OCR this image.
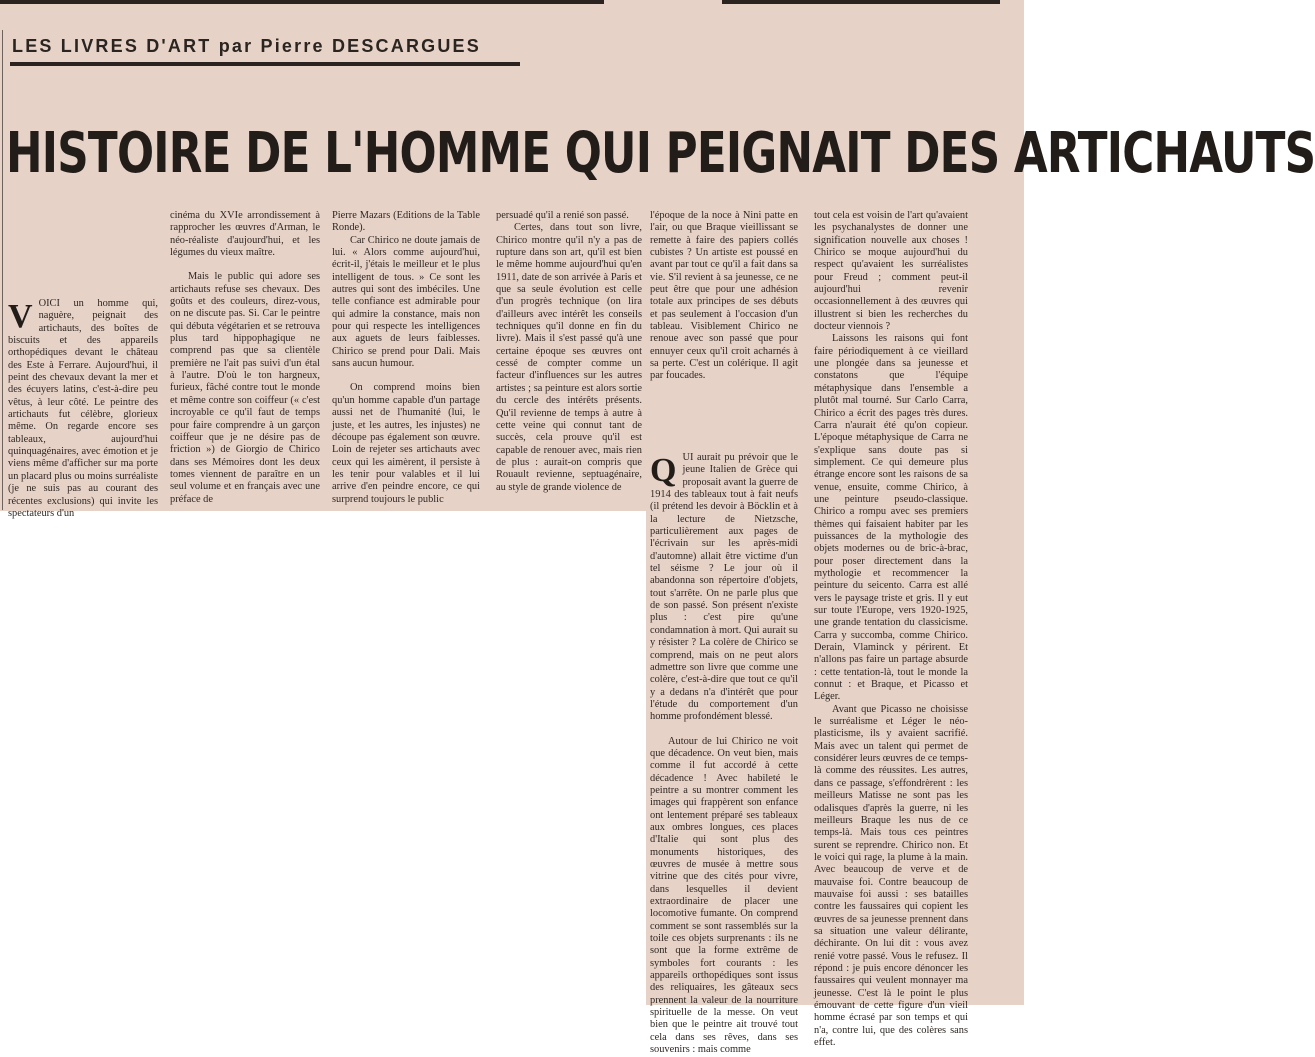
LES LIVRES D'ART par Pierre DESCARGUES
HISTOIRE DE L'HOMME QUI PEIGNAIT DES ARTICHAUTS

VOICI un homme qui, naguère, peignait des artichauts, des boîtes de biscuits et des appareils orthopédiques devant le château des Este à Ferrare. Aujourd'hui, il peint des chevaux devant la mer et des écuyers latins, c'est-à-dire peu vêtus, à leur côté. Le peintre des artichauts fut célèbre, glorieux même. On regarde encore ses tableaux, aujourd'hui quinquagénaires, avec émotion et je viens même d'afficher sur ma porte un placard plus ou moins surréaliste (je ne suis pas au courant des récentes exclusions) qui invite les spectateurs d'un

cinéma du XVIe arrondissement à rapprocher les œuvres d'Arman, le néo-réaliste d'aujourd'hui, et les légumes du vieux maître.

Mais le public qui adore ses artichauts refuse ses chevaux. Des goûts et des couleurs, direz-vous, on ne discute pas. Si. Car le peintre qui débuta végétarien et se retrouva plus tard hippophagique ne comprend pas que sa clientèle première ne l'ait pas suivi d'un étal à l'autre. D'où le ton hargneux, furieux, fâché contre tout le monde et même contre son coiffeur (« c'est incroyable ce qu'il faut de temps pour faire comprendre à un garçon coiffeur que je ne désire pas de friction ») de Giorgio de Chirico dans ses Mémoires dont les deux tomes viennent de paraître en un seul volume et en français avec une préface de

Pierre Mazars (Editions de la Table Ronde).

Car Chirico ne doute jamais de lui. « Alors comme aujourd'hui, écrit-il, j'étais le meilleur et le plus intelligent de tous. » Ce sont les autres qui sont des imbéciles. Une telle confiance est admirable pour qui admire la constance, mais non pour qui respecte les intelligences aux aguets de leurs faiblesses. Chirico se prend pour Dali. Mais sans aucun humour.

On comprend moins bien qu'un homme capable d'un partage aussi net de l'humanité (lui, le juste, et les autres, les injustes) ne découpe pas également son œuvre. Loin de rejeter ses artichauts avec ceux qui les aimèrent, il persiste à les tenir pour valables et il lui arrive d'en peindre encore, ce qui surprend toujours le public

persuadé qu'il a renié son passé.

Certes, dans tout son livre, Chirico montre qu'il n'y a pas de rupture dans son art, qu'il est bien le même homme aujourd'hui qu'en 1911, date de son arrivée à Paris et que sa seule évolution est celle d'un progrès technique (on lira d'ailleurs avec intérêt les conseils techniques qu'il donne en fin du livre). Mais il s'est passé qu'à une certaine époque ses œuvres ont cessé de compter comme un facteur d'influences sur les autres artistes ; sa peinture est alors sortie du cercle des intérêts présents. Qu'il revienne de temps à autre à cette veine qui connut tant de succès, cela prouve qu'il est capable de renouer avec, mais rien de plus : aurait-on compris que Rouault revienne, septuagénaire, au style de grande violence de

l'époque de la noce à Nini patte en l'air, ou que Braque vieillissant se remette à faire des papiers collés cubistes ? Un artiste est poussé en avant par tout ce qu'il a fait dans sa vie. S'il revient à sa jeunesse, ce ne peut être que pour une adhésion totale aux principes de ses débuts et pas seulement à l'occasion d'un tableau. Visiblement Chirico ne renoue avec son passé que pour ennuyer ceux qu'il croit acharnés à sa perte. C'est un colérique. Il agit par foucades.

QUI aurait pu prévoir que le jeune Italien de Grèce qui proposait avant la guerre de 1914 des tableaux tout à fait neufs (il prétend les devoir à Böcklin et à la lecture de Nietzsche, particulièrement aux pages de l'écrivain sur les après-midi d'automne) allait être victime d'un tel séisme ? Le jour où il abandonna son répertoire d'objets, tout s'arrête. On ne parle plus que de son passé. Son présent n'existe plus : c'est pire qu'une condamnation à mort. Qui aurait su y résister ? La colère de Chirico se comprend, mais on ne peut alors admettre son livre que comme une colère, c'est-à-dire que tout ce qu'il y a dedans n'a d'intérêt que pour l'étude du comportement d'un homme profondément blessé.

Autour de lui Chirico ne voit que décadence. On veut bien, mais comme il fut accordé à cette décadence ! Avec habileté le peintre a su montrer comment les images qui frappèrent son enfance ont lentement préparé ses tableaux aux ombres longues, ces places d'Italie qui sont plus des monuments historiques, des œuvres de musée à mettre sous vitrine que des cités pour vivre, dans lesquelles il devient extraordinaire de placer une locomotive fumante. On comprend comment se sont rassemblés sur la toile ces objets surprenants : ils ne sont que la forme extrême de symboles fort courants : les appareils orthopédiques sont issus des reliquaires, les gâteaux secs prennent la valeur de la nourriture spirituelle de la messe. On veut bien que le peintre ait trouvé tout cela dans ses rêves, dans ses souvenirs : mais comme

tout cela est voisin de l'art qu'avaient les psychanalystes de donner une signification nouvelle aux choses ! Chirico se moque aujourd'hui du respect qu'avaient les surréalistes pour Freud ; comment peut-il aujourd'hui revenir occasionnellement à des œuvres qui illustrent si bien les recherches du docteur viennois ?

Laissons les raisons qui font faire périodiquement à ce vieillard une plongée dans sa jeunesse et constatons que l'équipe métaphysique dans l'ensemble a plutôt mal tourné. Sur Carlo Carra, Chirico a écrit des pages très dures. Carra n'aurait été qu'on copieur. L'époque métaphysique de Carra ne s'explique sans doute pas si simplement. Ce qui demeure plus étrange encore sont les raisons de sa venue, ensuite, comme Chirico, à une peinture pseudo-classique. Chirico a rompu avec ses premiers thèmes qui faisaient habiter par les puissances de la mythologie des objets modernes ou de bric-à-brac, pour poser directement dans la mythologie et recommencer la peinture du seicento. Carra est allé vers le paysage triste et gris. Il y eut sur toute l'Europe, vers 1920-1925, une grande tentation du classicisme. Carra y succomba, comme Chirico. Derain, Vlaminck y périrent. Et n'allons pas faire un partage absurde : cette tentation-là, tout le monde la connut : et Braque, et Picasso et Léger.

Avant que Picasso ne choisisse le surréalisme et Léger le néo-plasticisme, ils y avaient sacrifié. Mais avec un talent qui permet de considérer leurs œuvres de ce temps-là comme des réussites. Les autres, dans ce passage, s'effondrèrent : les meilleurs Matisse ne sont pas les odalisques d'après la guerre, ni les meilleurs Braque les nus de ce temps-là. Mais tous ces peintres surent se reprendre. Chirico non. Et le voici qui rage, la plume à la main. Avec beaucoup de verve et de mauvaise foi. Contre beaucoup de mauvaise foi aussi : ses batailles contre les faussaires qui copient les œuvres de sa jeunesse prennent dans sa situation une valeur délirante, déchirante. On lui dit : vous avez renié votre passé. Vous le refusez. Il répond : je puis encore dénoncer les faussaires qui veulent monnayer ma jeunesse. C'est là le point le plus émouvant de cette figure d'un vieil homme écrasé par son temps et qui n'a, contre lui, que des colères sans effet.
